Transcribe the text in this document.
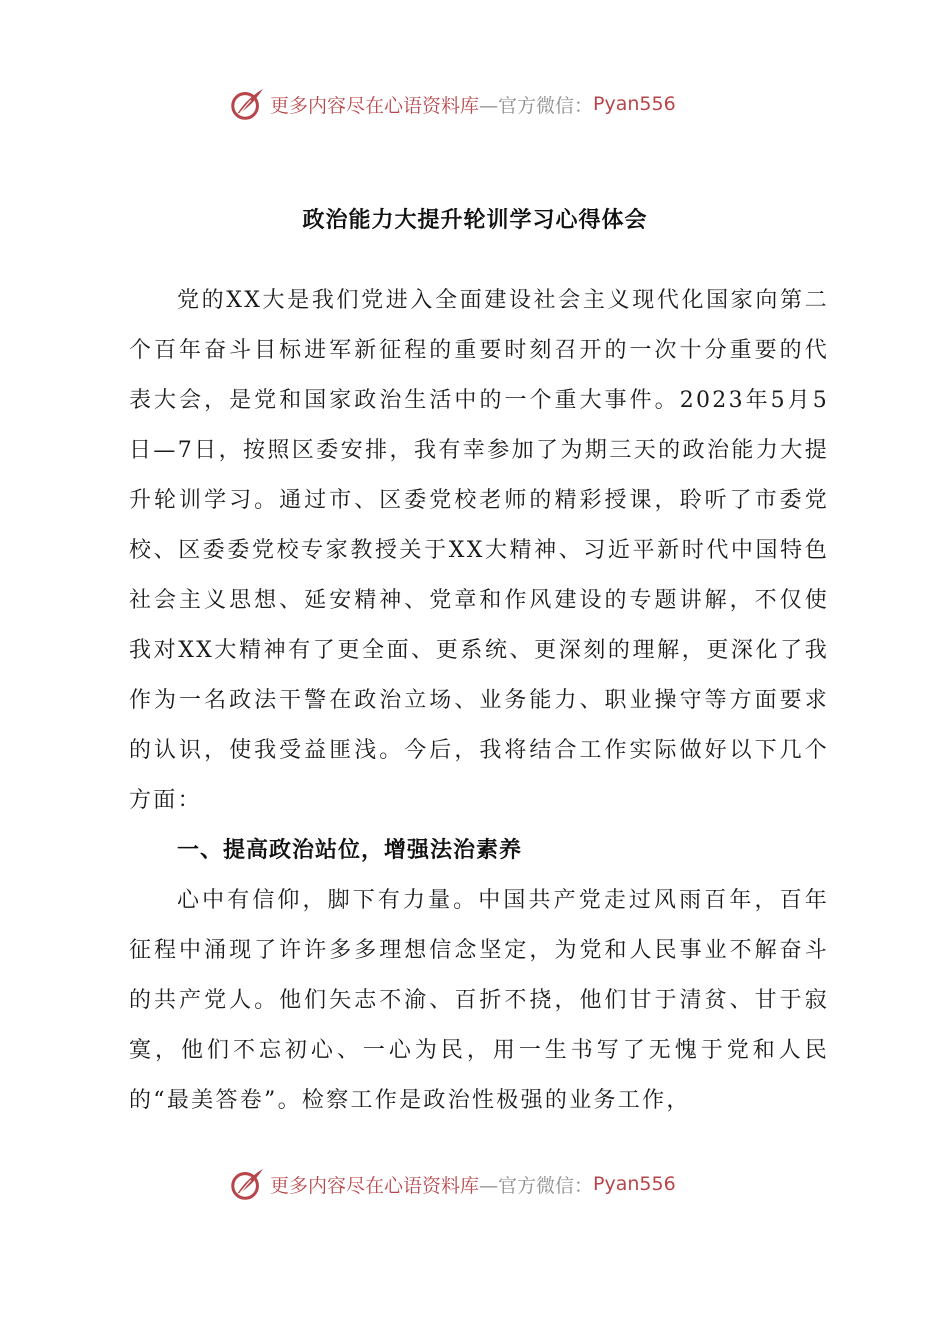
更多内容尽在心语资料库 —官方微信： Pyan556
政治能力大提升轮训学习心得体会

党的XX大是我们党进入全面建设社会主义现代化国家向第二个百年奋斗目标进军新征程的重要时刻召开的一次十分重要的代表大会，是党和国家政治生活中的一个重大事件。2023年5月5日—7日，按照区委安排，我有幸参加了为期三天的政治能力大提升轮训学习。通过市、区委党校老师的精彩授课，聆听了市委党校、区委委党校专家教授关于XX大精神、习近平新时代中国特色社会主义思想、延安精神、党章和作风建设的专题讲解，不仅使我对XX大精神有了更全面、更系统、更深刻的理解，更深化了我作为一名政法干警在政治立场、业务能力、职业操守等方面要求的认识，使我受益匪浅。今后，我将结合工作实际做好以下几个方面：

一、提高政治站位，增强法治素养

心中有信仰，脚下有力量。中国共产党走过风雨百年，百年征程中涌现了许许多多理想信念坚定，为党和人民事业不解奋斗的共产党人。他们矢志不渝、百折不挠，他们甘于清贫、甘于寂寞，他们不忘初心、一心为民，用一生书写了无愧于党和人民的“最美答卷”。检察工作是政治性极强的业务工作，

更多内容尽在心语资料库 —官方微信： Pyan556
